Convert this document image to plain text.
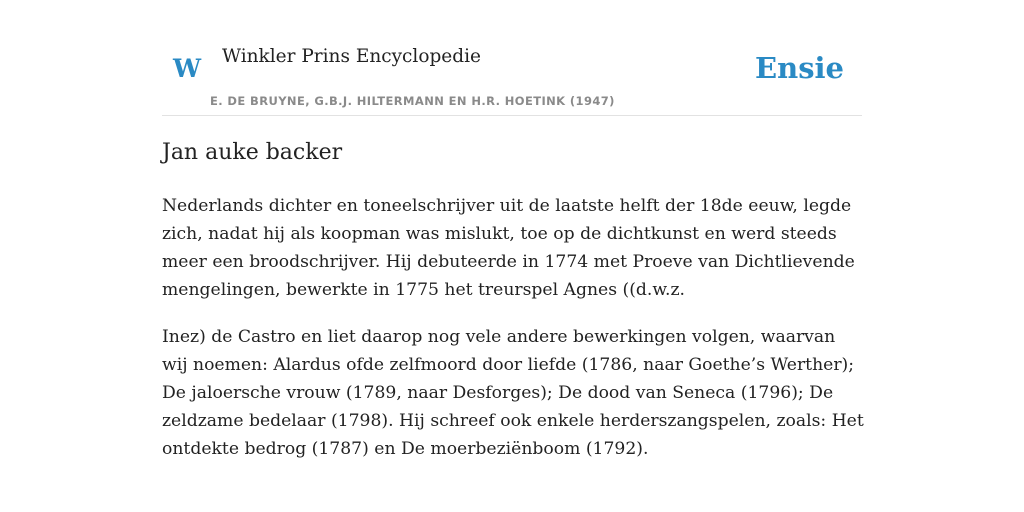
W Winkler Prins Encyclopedie
E. DE BRUYNE, G.B.J. HILTERMANN EN H.R. HOETINK (1947)
Ensie
Jan auke backer

Nederlands dichter en toneelschrijver uit de laatste helft der 18de eeuw, legde zich, nadat hij als koopman was mislukt, toe op de dichtkunst en werd steeds meer een broodschrijver. Hij debuteerde in 1774 met Proeve van Dichtlievende mengelingen, bewerkte in 1775 het treurspel Agnes ((d.w.z.

Inez) de Castro en liet daarop nog vele andere bewerkingen volgen, waarvan wij noemen: Alardus ofde zelfmoord door liefde (1786, naar Goethe’s Werther); De jaloersche vrouw (1789, naar Desforges); De dood van Seneca (1796); De zeldzame bedelaar (1798). Hij schreef ook enkele herderszangspelen, zoals: Het ontdekte bedrog (1787) en De moerbeziënboom (1792).
